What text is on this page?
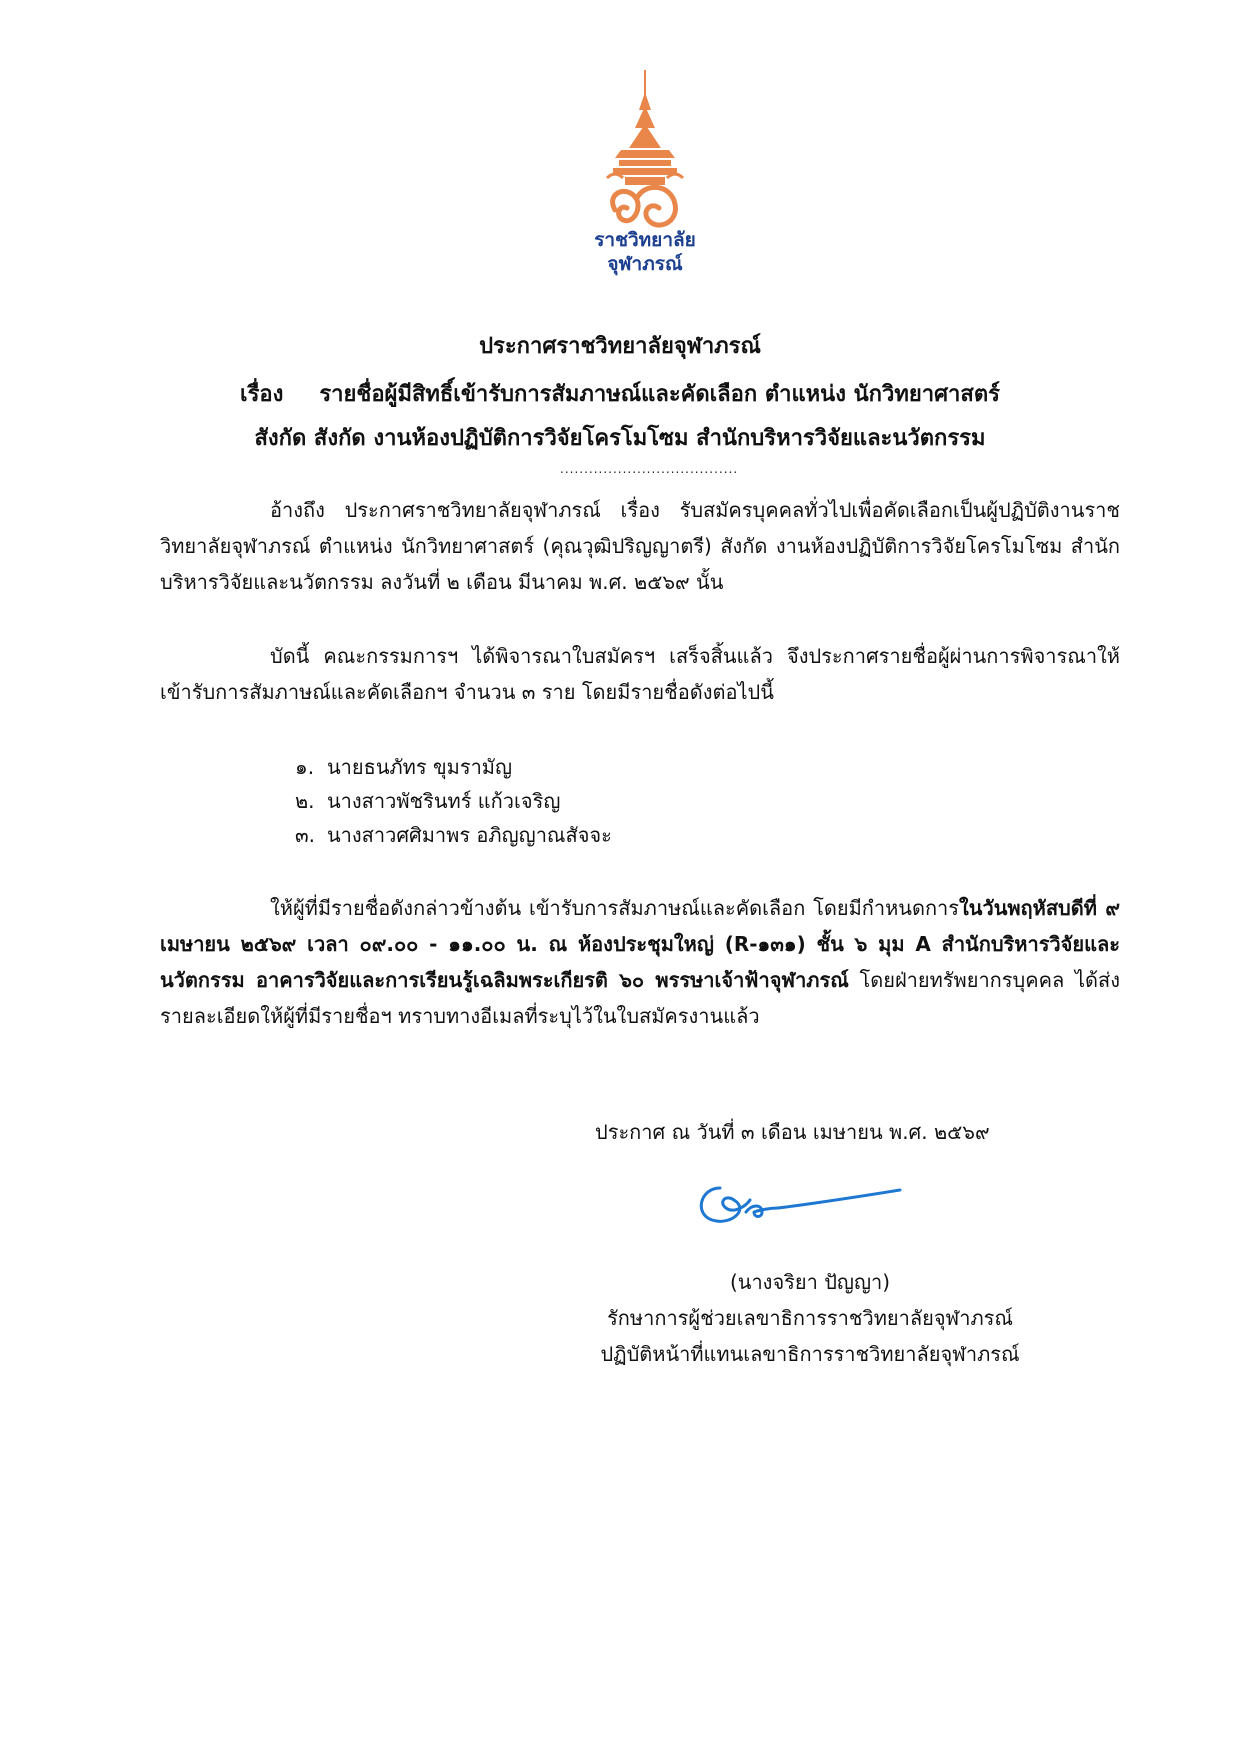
ราชวิทยาลัย
จุฬาภรณ์
ประกาศราชวิทยาลัยจุฬาภรณ์
เรื่อง รายชื่อผู้มีสิทธิ์เข้ารับการสัมภาษณ์และคัดเลือก ตำแหน่ง นักวิทยาศาสตร์
สังกัด สังกัด งานห้องปฏิบัติการวิจัยโครโมโซม สำนักบริหารวิจัยและนวัตกรรม
.....................................
อ้างถึง ประกาศราชวิทยาลัยจุฬาภรณ์ เรื่อง รับสมัครบุคคลทั่วไปเพื่อคัดเลือกเป็นผู้ปฏิบัติงานราชวิทยาลัยจุฬาภรณ์ ตำแหน่ง นักวิทยาศาสตร์ (คุณวุฒิปริญญาตรี) สังกัด งานห้องปฏิบัติการวิจัยโครโมโซม สำนักบริหารวิจัยและนวัตกรรม ลงวันที่ ๒ เดือน มีนาคม พ.ศ. ๒๕๖๙ นั้น
บัดนี้ คณะกรรมการฯ ได้พิจารณาใบสมัครฯ เสร็จสิ้นแล้ว จึงประกาศรายชื่อผู้ผ่านการพิจารณาให้เข้ารับการสัมภาษณ์และคัดเลือกฯ จำนวน ๓ ราย โดยมีรายชื่อดังต่อไปนี้
๑. นายธนภัทร ขุมรามัญ
๒. นางสาวพัชรินทร์ แก้วเจริญ
๓. นางสาวศศิมาพร อภิญญาณสัจจะ
ให้ผู้ที่มีรายชื่อดังกล่าวข้างต้น เข้ารับการสัมภาษณ์และคัดเลือก โดยมีกำหนดการในวันพฤหัสบดีที่ ๙ เมษายน ๒๕๖๙ เวลา ๐๙.๐๐ - ๑๑.๐๐ น. ณ ห้องประชุมใหญ่ (R-๑๓๑) ชั้น ๖ มุม A สำนักบริหารวิจัยและนวัตกรรม อาคารวิจัยและการเรียนรู้เฉลิมพระเกียรติ ๖๐ พรรษาเจ้าฟ้าจุฬาภรณ์ โดยฝ่ายทรัพยากรบุคคล ได้ส่งรายละเอียดให้ผู้ที่มีรายชื่อฯ ทราบทางอีเมลที่ระบุไว้ในใบสมัครงานแล้ว
ประกาศ ณ วันที่ ๓ เดือน เมษายน พ.ศ. ๒๕๖๙
(นางจริยา ปัญญา)
รักษาการผู้ช่วยเลขาธิการราชวิทยาลัยจุฬาภรณ์
ปฏิบัติหน้าที่แทนเลขาธิการราชวิทยาลัยจุฬาภรณ์
